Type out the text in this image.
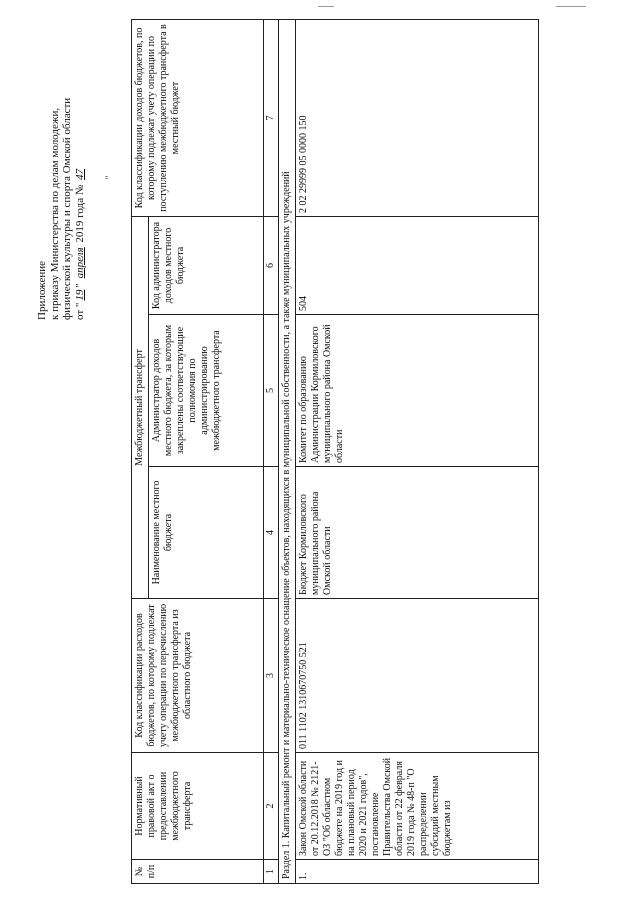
"
Приложение к приказу Министерства по делам молодежи, физической культуры и спорта Омской области от "19" апреля 2019 года № 47
№ п/п	Нормативный правовой акт о предоставлении межбюджетного трансферта	Код классификации расходов бюджетов, по которому подлежат учету операции по перечислению межбюджетного трансферта из областного бюджета	Межбюджетный трансферт			Код классификации доходов бюджетов, по которому подлежат учету операции по поступлению межбюджетного трансферта в местный бюджет
			Наименование местного бюджета	Администратор доходов местного бюджета, за которым закреплены соответствующие полномочия по администрированию межбюджетного трансферта	Код администратора доходов местного бюджета	
1	2	3	4	5	6	7
Раздел 1. Капитальный ремонт и материально-техническое оснащение объектов, находящихся в муниципальной собственности, а также муниципальных учреждений						
1.	Закон Омской области от 20.12.2018 № 2121-ОЗ "Об областном бюджете на 2019 год и на плановый период 2020 и 2021 годов", постановление Правительства Омской области от 22 февраля 2019 года № 48-п "О распределении субсидий местным бюджетам из	011 1102 1310670750 521	Бюджет Кормиловского муниципального района Омской области	Комитет по образованию Администрации Кормиловского муниципального района Омской области	504	2 02 29999 05 0000 150
